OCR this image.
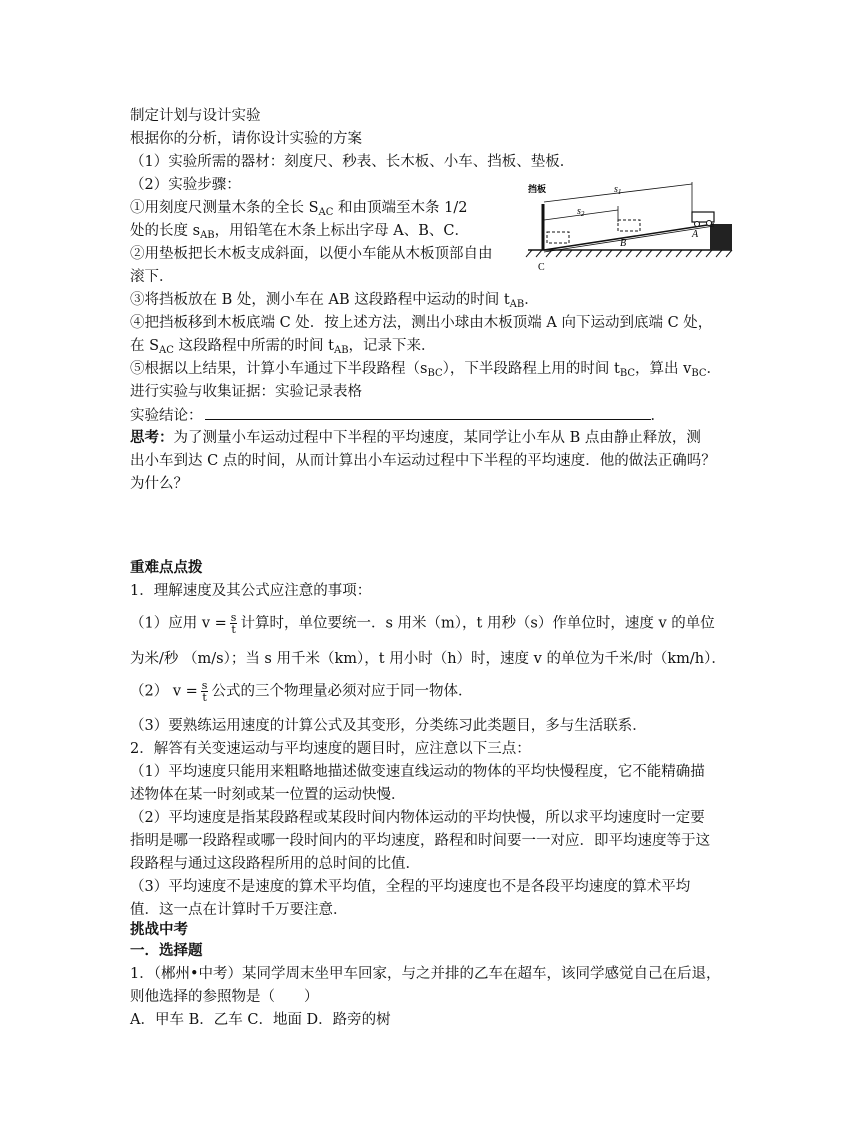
制定计划与设计实验
根据你的分析，请你设计实验的方案
（1）实验所需的器材：刻度尺、秒表、长木板、小车、挡板、垫板．
（2）实验步骤：
①用刻度尺测量木条的全长 $S_{AC}$ 和由顶端至木条 1/2
处的长度 $s_{AB}$，用铅笔在木条上标出字母 A、B、C．
②用垫板把长木板支成斜面，以便小车能从木板顶部自由
滚下．
③将挡板放在 B 处，测小车在 AB 这段路程中运动的时间 $t_{AB}$．
④把挡板移到木板底端 C 处．按上述方法，测出小球由木板顶端 A 向下运动到底端 C 处，
在 $S_{AC}$ 这段路程中所需的时间 $t_{AB}$，记录下来．
⑤根据以上结果，计算小车通过下半段路程$(s_{BC})$，下半段路程上用的时间 $t_{BC}$，算出 $v_{BC}$．
进行实验与收集证据：实验记录表格
实验结论：	．
思考：为了测量小车运动过程中下半程的平均速度，某同学让小车从 B 点由静止释放，测
出小车到达 C 点的时间，从而计算出小车运动过程中下半程的平均速度．他的做法正确吗？
为什么？
挡板	$s_1$
$s_2$
A
B
C
重难点点拨
1．理解速度及其公式应注意的事项：
（1）应用 $v = \frac{s}{t}$ 计算时，单位要统一．s 用米（m），t 用秒（s）作单位时，速度 v 的单位
为米/秒 （m/s）；当 s 用千米（km），t 用小时（h）时，速度 v 的单位为千米/时（km/h）．
（2） $v = \frac{s}{t}$ 公式的三个物理量必须对应于同一物体．
（3）要熟练运用速度的计算公式及其变形，分类练习此类题目，多与生活联系．
2．解答有关变速运动与平均速度的题目时，应注意以下三点：
（1）平均速度只能用来粗略地描述做变速直线运动的物体的平均快慢程度，它不能精确描
述物体在某一时刻或某一位置的运动快慢．
（2）平均速度是指某段路程或某段时间内物体运动的平均快慢，所以求平均速度时一定要
指明是哪一段路程或哪一段时间内的平均速度，路程和时间要一一对应．即平均速度等于这
段路程与通过这段路程所用的总时间的比值．
（3）平均速度不是速度的算术平均值，全程的平均速度也不是各段平均速度的算术平均
值．这一点在计算时千万要注意．
挑战中考
一．选择题
1．（郴州•中考）某同学周末坐甲车回家，与之并排的乙车在超车，该同学感觉自己在后退，
则他选择的参照物是（　　）
A．甲车 B．乙车 C．地面 D．路旁的树
